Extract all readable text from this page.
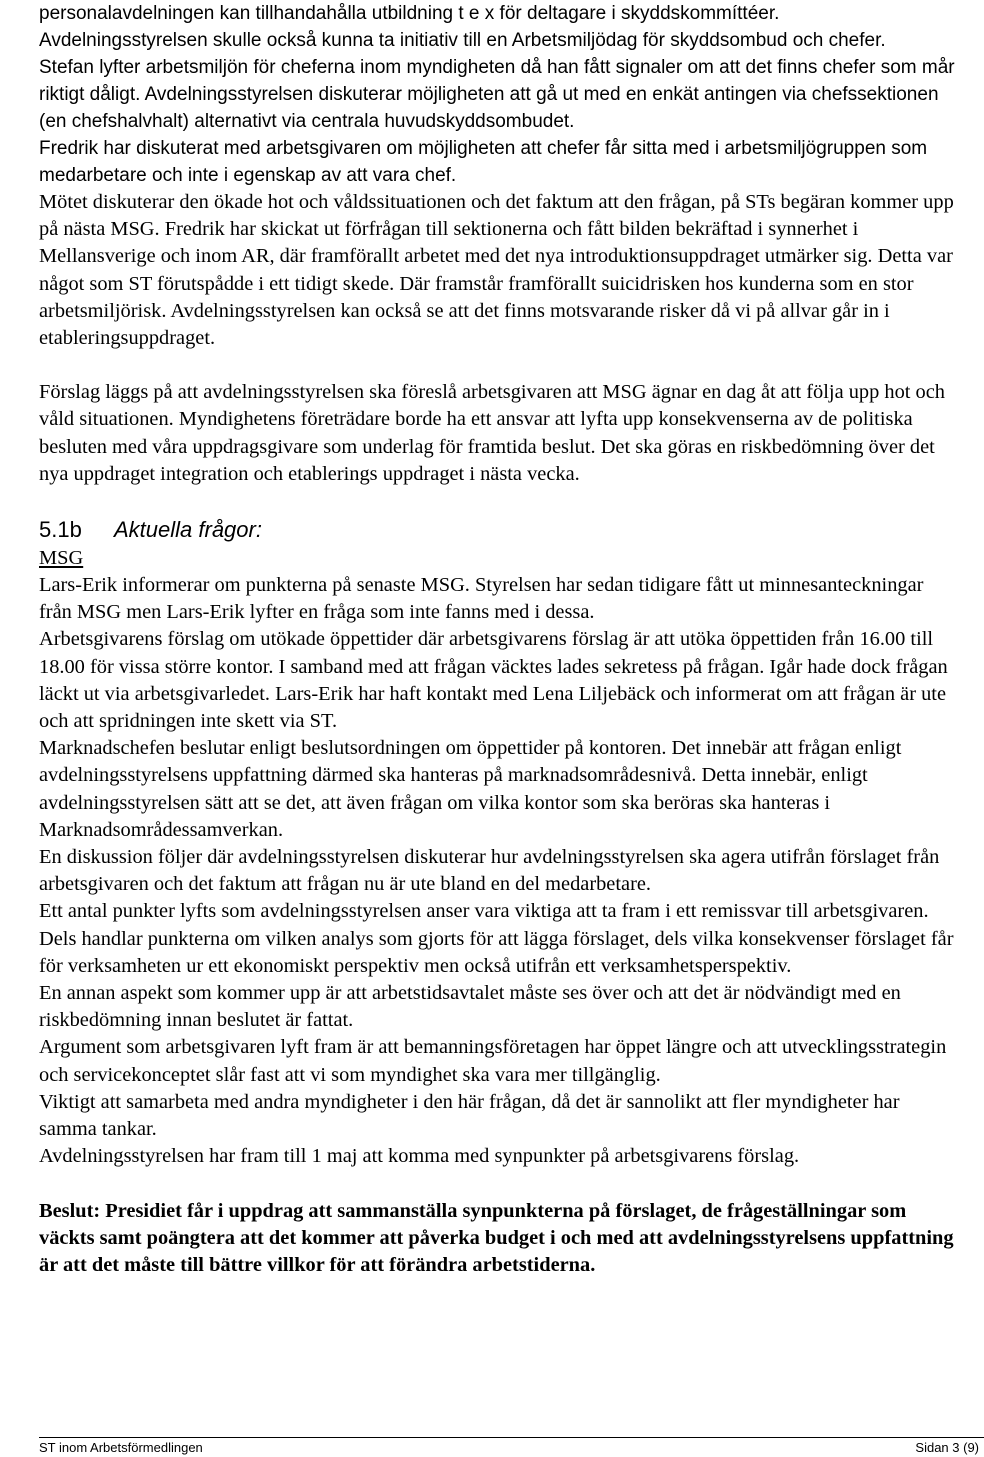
personalavdelningen kan tillhandahålla utbildning t e x för deltagare i skyddskommíttéer.

Avdelningsstyrelsen skulle också kunna ta initiativ till en Arbetsmiljödag för skyddsombud och chefer.

Stefan lyfter arbetsmiljön för cheferna inom myndigheten då han fått signaler om att det finns chefer som mår riktigt dåligt. Avdelningsstyrelsen diskuterar möjligheten att gå ut med en enkät antingen via chefssektionen (en chefshalvhalt) alternativt via centrala huvudskyddsombudet.

Fredrik har diskuterat med arbetsgivaren om möjligheten att chefer får sitta med i arbetsmiljögruppen som medarbetare och inte i egenskap av att vara chef.

Mötet diskuterar den ökade hot och våldssituationen och det faktum att den frågan, på STs begäran kommer upp på nästa MSG. Fredrik har skickat ut förfrågan till sektionerna och fått bilden bekräftad i synnerhet i Mellansverige och inom AR, där framförallt arbetet med det nya introduktionsuppdraget utmärker sig. Detta var något som ST förutspådde i ett tidigt skede. Där framstår framförallt suicidrisken hos kunderna som en stor arbetsmiljörisk. Avdelningsstyrelsen kan också se att det finns motsvarande risker då vi på allvar går in i etableringsuppdraget.

Förslag läggs på att avdelningsstyrelsen ska föreslå arbetsgivaren att MSG ägnar en dag åt att följa upp hot och våld situationen. Myndighetens företrädare borde ha ett ansvar att lyfta upp konsekvenserna av de politiska besluten med våra uppdragsgivare som underlag för framtida beslut. Det ska göras en riskbedömning över det nya uppdraget integration och etablerings uppdraget i nästa vecka.

5.1b Aktuella frågor:
MSG

Lars-Erik informerar om punkterna på senaste MSG. Styrelsen har sedan tidigare fått ut minnesanteckningar från MSG men Lars-Erik lyfter en fråga som inte fanns med i dessa.

Arbetsgivarens förslag om utökade öppettider där arbetsgivarens förslag är att utöka öppettiden från 16.00 till 18.00 för vissa större kontor. I samband med att frågan väcktes lades sekretess på frågan. Igår hade dock frågan läckt ut via arbetsgivarledet. Lars-Erik har haft kontakt med Lena Liljebäck och informerat om att frågan är ute och att spridningen inte skett via ST.

Marknadschefen beslutar enligt beslutsordningen om öppettider på kontoren. Det innebär att frågan enligt avdelningsstyrelsens uppfattning därmed ska hanteras på marknadsområdesnivå. Detta innebär, enligt avdelningsstyrelsen sätt att se det, att även frågan om vilka kontor som ska beröras ska hanteras i Marknadsområdessamverkan.

En diskussion följer där avdelningsstyrelsen diskuterar hur avdelningsstyrelsen ska agera utifrån förslaget från arbetsgivaren och det faktum att frågan nu är ute bland en del medarbetare.

Ett antal punkter lyfts som avdelningsstyrelsen anser vara viktiga att ta fram i ett remissvar till arbetsgivaren. Dels handlar punkterna om vilken analys som gjorts för att lägga förslaget, dels vilka konsekvenser förslaget får för verksamheten ur ett ekonomiskt perspektiv men också utifrån ett verksamhetsperspektiv.

En annan aspekt som kommer upp är att arbetstidsavtalet måste ses över och att det är nödvändigt med en riskbedömning innan beslutet är fattat.

Argument som arbetsgivaren lyft fram är att bemanningsföretagen har öppet längre och att utvecklingsstrategin och servicekonceptet slår fast att vi som myndighet ska vara mer tillgänglig.

Viktigt att samarbeta med andra myndigheter i den här frågan, då det är sannolikt att fler myndigheter har samma tankar.

Avdelningsstyrelsen har fram till 1 maj att komma med synpunkter på arbetsgivarens förslag.

Beslut: Presidiet får i uppdrag att sammanställa synpunkterna på förslaget, de frågeställningar som väckts samt poängtera att det kommer att påverka budget i och med att avdelningsstyrelsens uppfattning är att det måste till bättre villkor för att förändra arbetstiderna.

ST inom Arbetsförmedlingen	Sidan 3 (9)
